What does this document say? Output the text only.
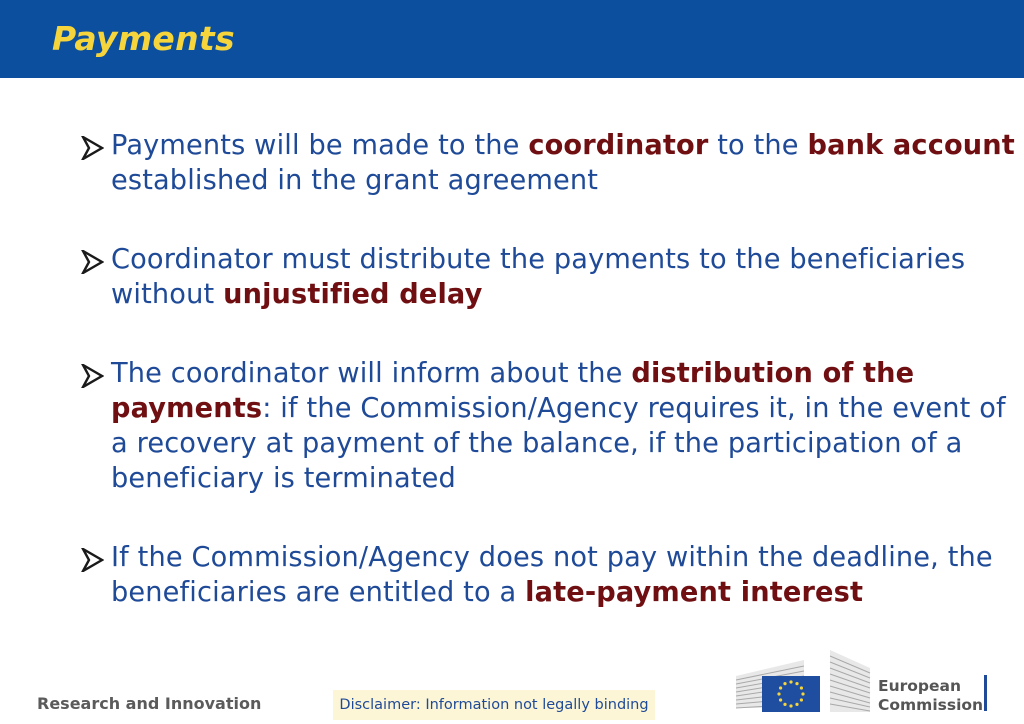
Payments
Payments will be made to the coordinator to the bank account established in the grant agreement
Coordinator must distribute the payments to the beneficiaries without unjustified delay
The coordinator will inform about the distribution of the payments: if the Commission/Agency requires it, in the event of a recovery at payment of the balance, if the participation of a beneficiary is terminated
If the Commission/Agency does not pay within the deadline, the beneficiaries are entitled to a late-payment interest
Research and Innovation	Disclaimer: Information not legally binding
European
Commission
